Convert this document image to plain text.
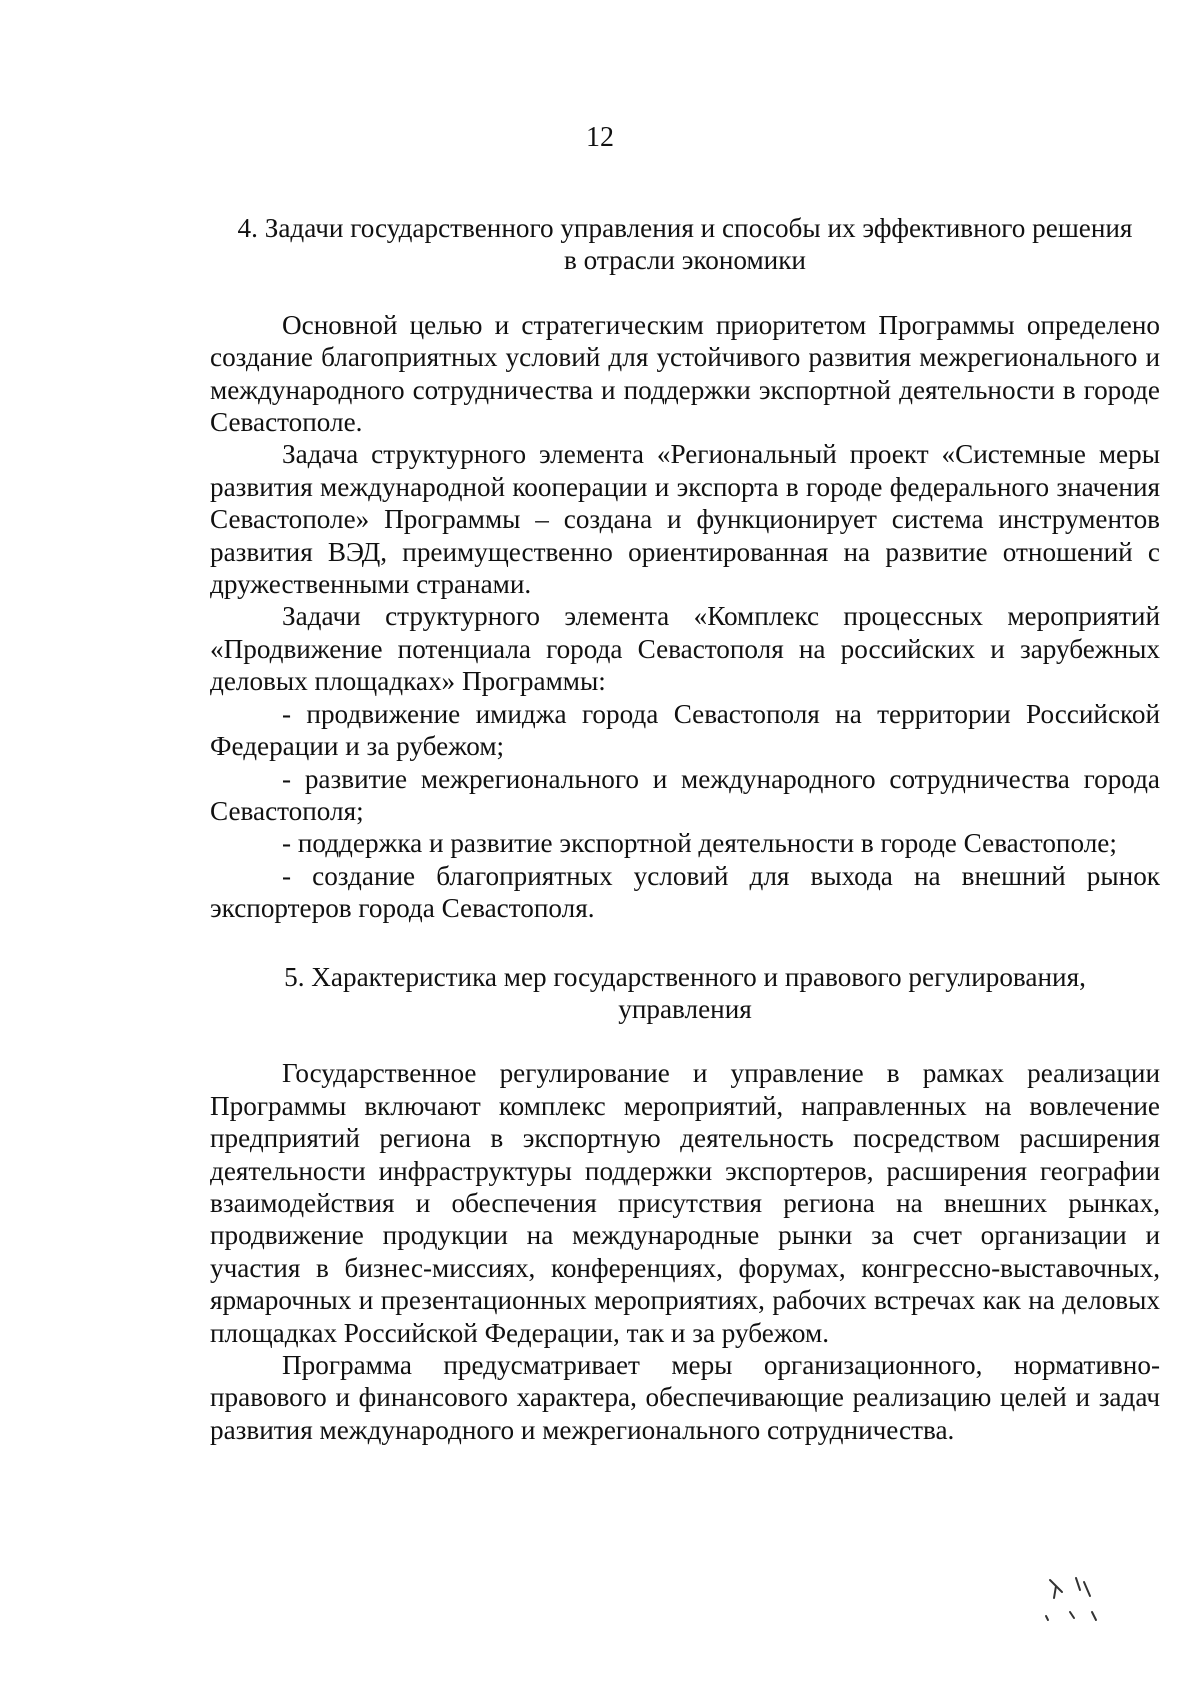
12
4. Задачи государственного управления и способы их эффективного решения
в отрасли экономики

Основной целью и стратегическим приоритетом Программы определено создание благоприятных условий для устойчивого развития межрегионального и международного сотрудничества и поддержки экспортной деятельности в городе Севастополе.

Задача структурного элемента «Региональный проект «Системные меры развития международной кооперации и экспорта в городе федерального значения Севастополе» Программы – создана и функционирует система инструментов развития ВЭД, преимущественно ориентированная на развитие отношений с дружественными странами.

Задачи структурного элемента «Комплекс процессных мероприятий «Продвижение потенциала города Севастополя на российских и зарубежных деловых площадках» Программы:

- продвижение имиджа города Севастополя на территории Российской Федерации и за рубежом;

- развитие межрегионального и международного сотрудничества города Севастополя;

- поддержка и развитие экспортной деятельности в городе Севастополе;

- создание благоприятных условий для выхода на внешний рынок экспортеров города Севастополя.

5. Характеристика мер государственного и правового регулирования,
управления

Государственное регулирование и управление в рамках реализации Программы включают комплекс мероприятий, направленных на вовлечение предприятий региона в экспортную деятельность посредством расширения деятельности инфраструктуры поддержки экспортеров, расширения географии взаимодействия и обеспечения присутствия региона на внешних рынках, продвижение продукции на международные рынки за счет организации и участия в бизнес-миссиях, конференциях, форумах, конгрессно-выставочных, ярмарочных и презентационных мероприятиях, рабочих встречах как на деловых площадках Российской Федерации, так и за рубежом.

Программа предусматривает меры организационного, нормативно-правового и финансового характера, обеспечивающие реализацию целей и задач развития международного и межрегионального сотрудничества.
